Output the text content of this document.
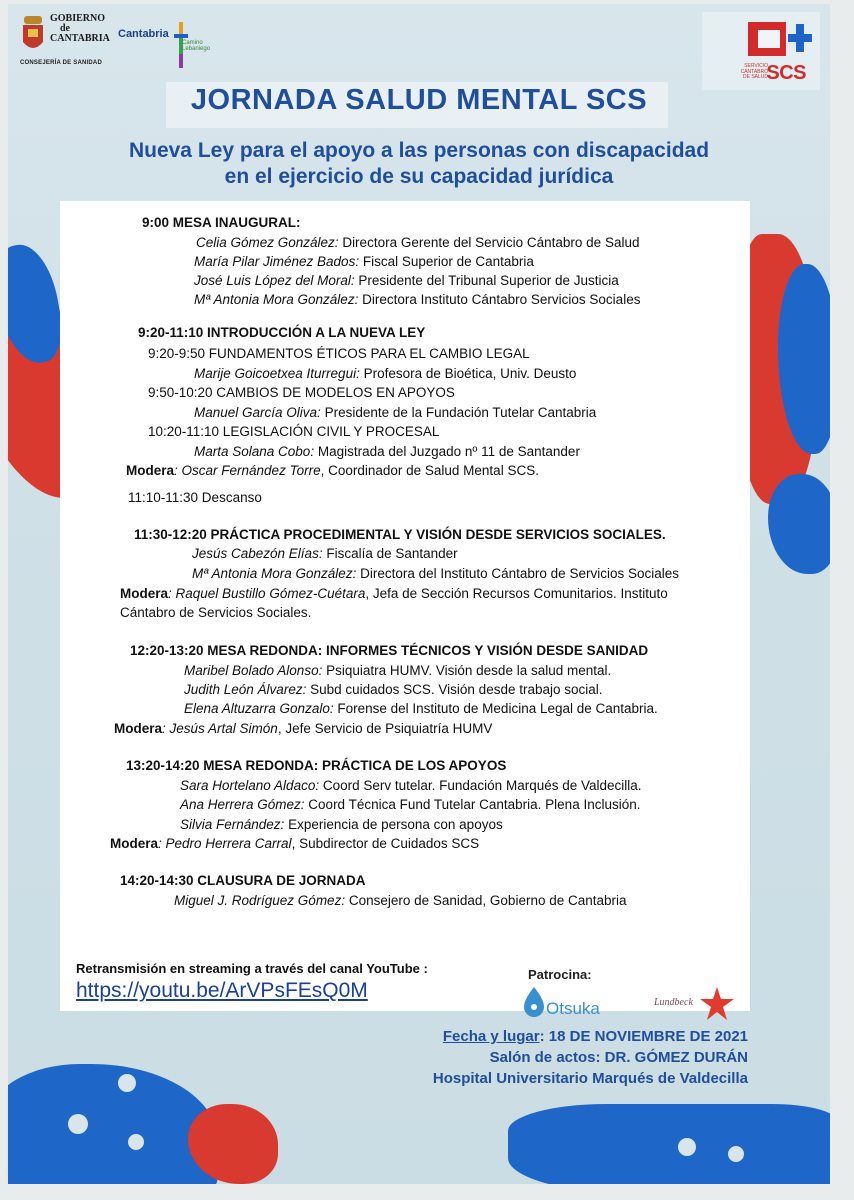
GOBIERNO
de
CANTABRIA
CONSEJERÍA DE SANIDAD
Cantabria
Camino
Lebaniego
SERVICIO
CÁNTABRO
DE SALUD
SCS
JORNADA SALUD MENTAL SCS
Nueva Ley para el apoyo a las personas con discapacidad
en el ejercicio de su capacidad jurídica
9:00 MESA INAUGURAL:
Celia Gómez González: Directora Gerente del Servicio Cántabro de Salud
María Pilar Jiménez Bados: Fiscal Superior de Cantabria
José Luis López del Moral: Presidente del Tribunal Superior de Justicia
Mª Antonia Mora González: Directora Instituto Cántabro Servicios Sociales
9:20-11:10 INTRODUCCIÓN A LA NUEVA LEY
9:20-9:50 FUNDAMENTOS ÉTICOS PARA EL CAMBIO LEGAL
Marije Goicoetxea Iturregui: Profesora de Bioética, Univ. Deusto
9:50-10:20 CAMBIOS DE MODELOS EN APOYOS
Manuel García Oliva: Presidente de la Fundación Tutelar Cantabria
10:20-11:10 LEGISLACIÓN CIVIL Y PROCESAL
Marta Solana Cobo: Magistrada del Juzgado nº 11 de Santander
Modera: Oscar Fernández Torre, Coordinador de Salud Mental SCS.
11:10-11:30 Descanso
11:30-12:20 PRÁCTICA PROCEDIMENTAL Y VISIÓN DESDE SERVICIOS SOCIALES.
Jesús Cabezón Elías: Fiscalía de Santander
Mª Antonia Mora González: Directora del Instituto Cántabro de Servicios Sociales
Modera: Raquel Bustillo Gómez-Cuétara, Jefa de Sección Recursos Comunitarios. Instituto
Cántabro de Servicios Sociales.
12:20-13:20 MESA REDONDA: INFORMES TÉCNICOS Y VISIÓN DESDE SANIDAD
Maribel Bolado Alonso: Psiquiatra HUMV. Visión desde la salud mental.
Judith León Álvarez: Subd cuidados SCS. Visión desde trabajo social.
Elena Altuzarra Gonzalo: Forense del Instituto de Medicina Legal de Cantabria.
Modera: Jesús Artal Simón, Jefe Servicio de Psiquiatría HUMV
13:20-14:20 MESA REDONDA: PRÁCTICA DE LOS APOYOS
Sara Hortelano Aldaco: Coord Serv tutelar. Fundación Marqués de Valdecilla.
Ana Herrera Gómez: Coord Técnica Fund Tutelar Cantabria. Plena Inclusión.
Silvia Fernández: Experiencia de persona con apoyos
Modera: Pedro Herrera Carral, Subdirector de Cuidados SCS
14:20-14:30 CLAUSURA DE JORNADA
Miguel J. Rodríguez Gómez: Consejero de Sanidad, Gobierno de Cantabria
Retransmisión en streaming a través del canal YouTube :
https://youtu.be/ArVPsFEsQ0M
Patrocina:
Otsuka	Lundbeck
Fecha y lugar: 18 DE NOVIEMBRE DE 2021
Salón de actos: DR. GÓMEZ DURÁN
Hospital Universitario Marqués de Valdecilla
